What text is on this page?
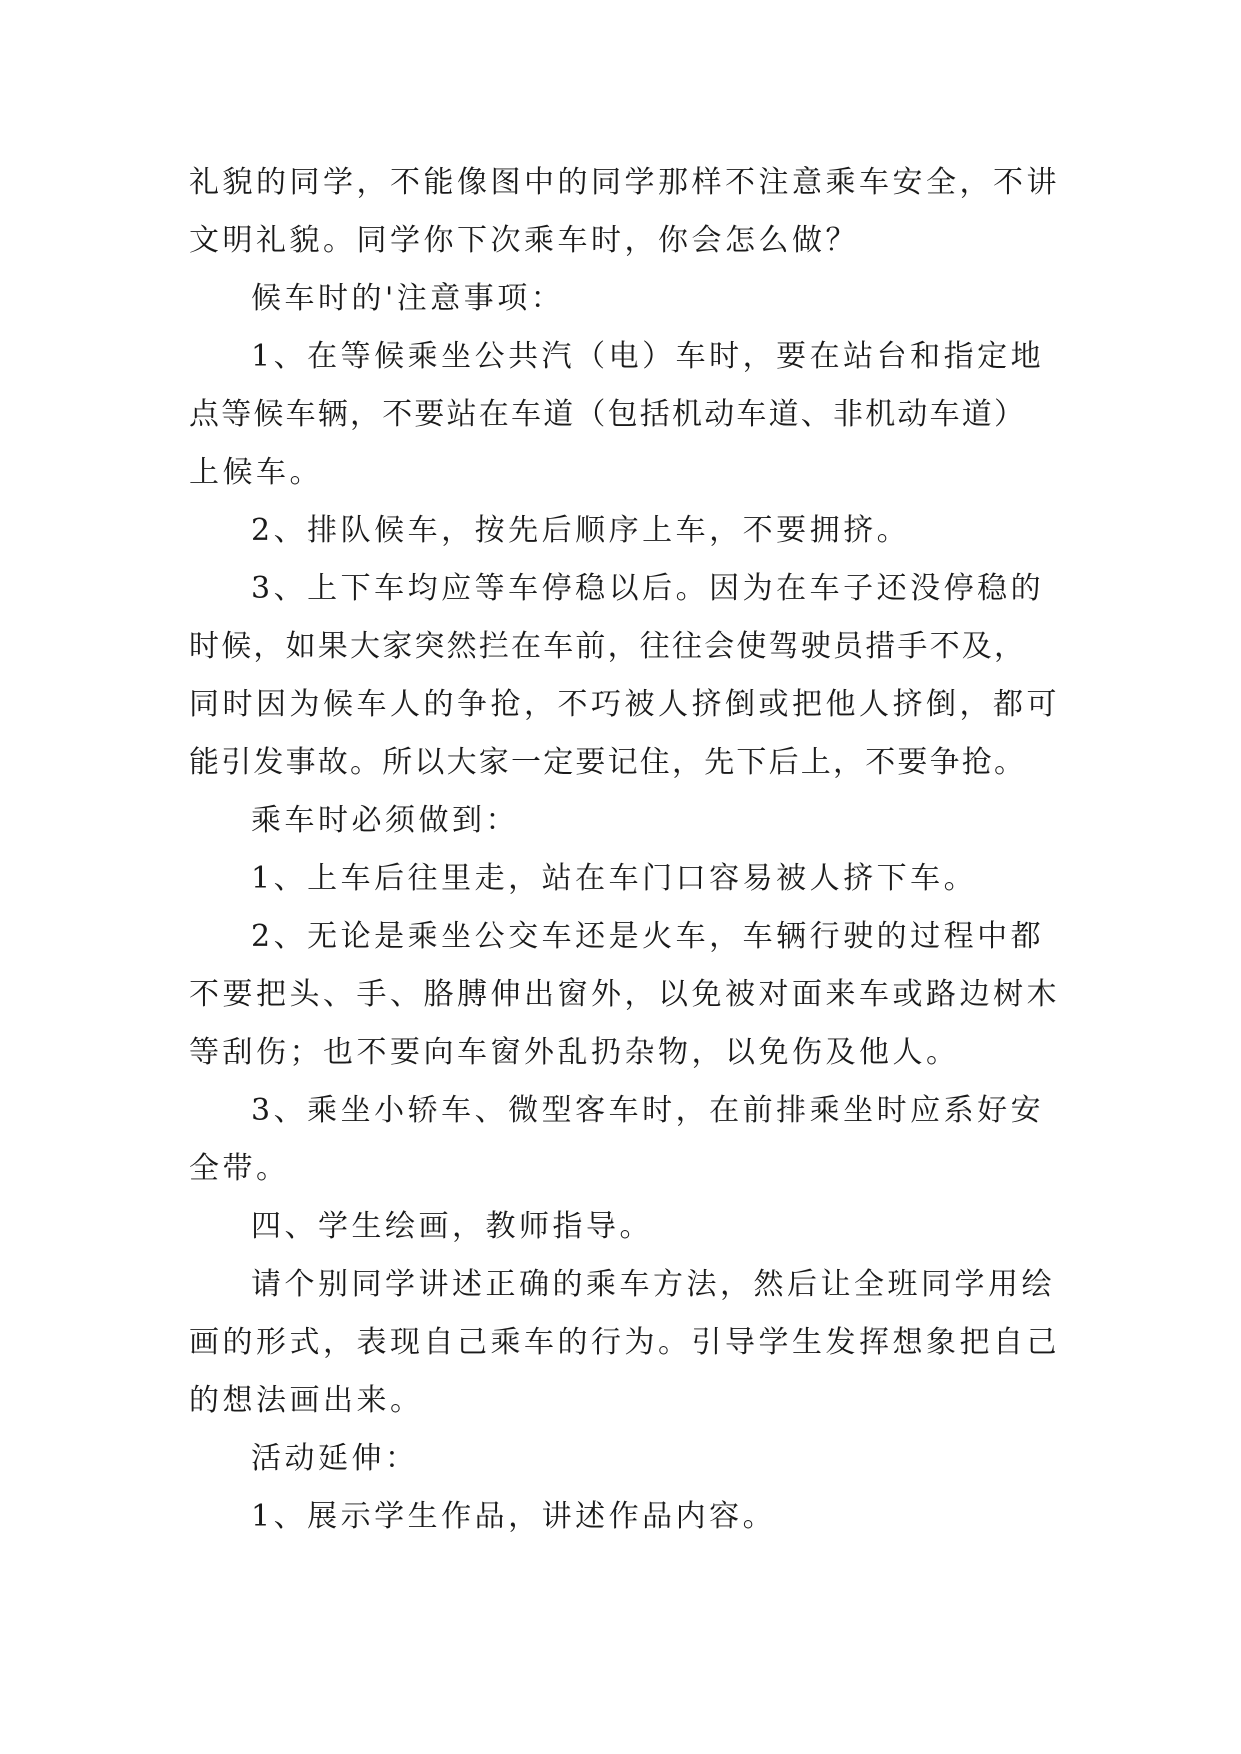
礼貌的同学，不能像图中的同学那样不注意乘车安全，不讲
文明礼貌。同学你下次乘车时，你会怎么做？
候车时的'注意事项：
1、在等候乘坐公共汽（电）车时，要在站台和指定地
点等候车辆，不要站在车道（包括机动车道、非机动车道）
上候车。
2、排队候车，按先后顺序上车，不要拥挤。
3、上下车均应等车停稳以后。因为在车子还没停稳的
时候，如果大家突然拦在车前，往往会使驾驶员措手不及，
同时因为候车人的争抢，不巧被人挤倒或把他人挤倒，都可
能引发事故。所以大家一定要记住，先下后上，不要争抢。
乘车时必须做到：
1、上车后往里走，站在车门口容易被人挤下车。
2、无论是乘坐公交车还是火车，车辆行驶的过程中都
不要把头、手、胳膊伸出窗外，以免被对面来车或路边树木
等刮伤；也不要向车窗外乱扔杂物，以免伤及他人。
3、乘坐小轿车、微型客车时，在前排乘坐时应系好安
全带。
四、学生绘画，教师指导。
请个别同学讲述正确的乘车方法，然后让全班同学用绘
画的形式，表现自己乘车的行为。引导学生发挥想象把自己
的想法画出来。
活动延伸：
1、展示学生作品，讲述作品内容。
